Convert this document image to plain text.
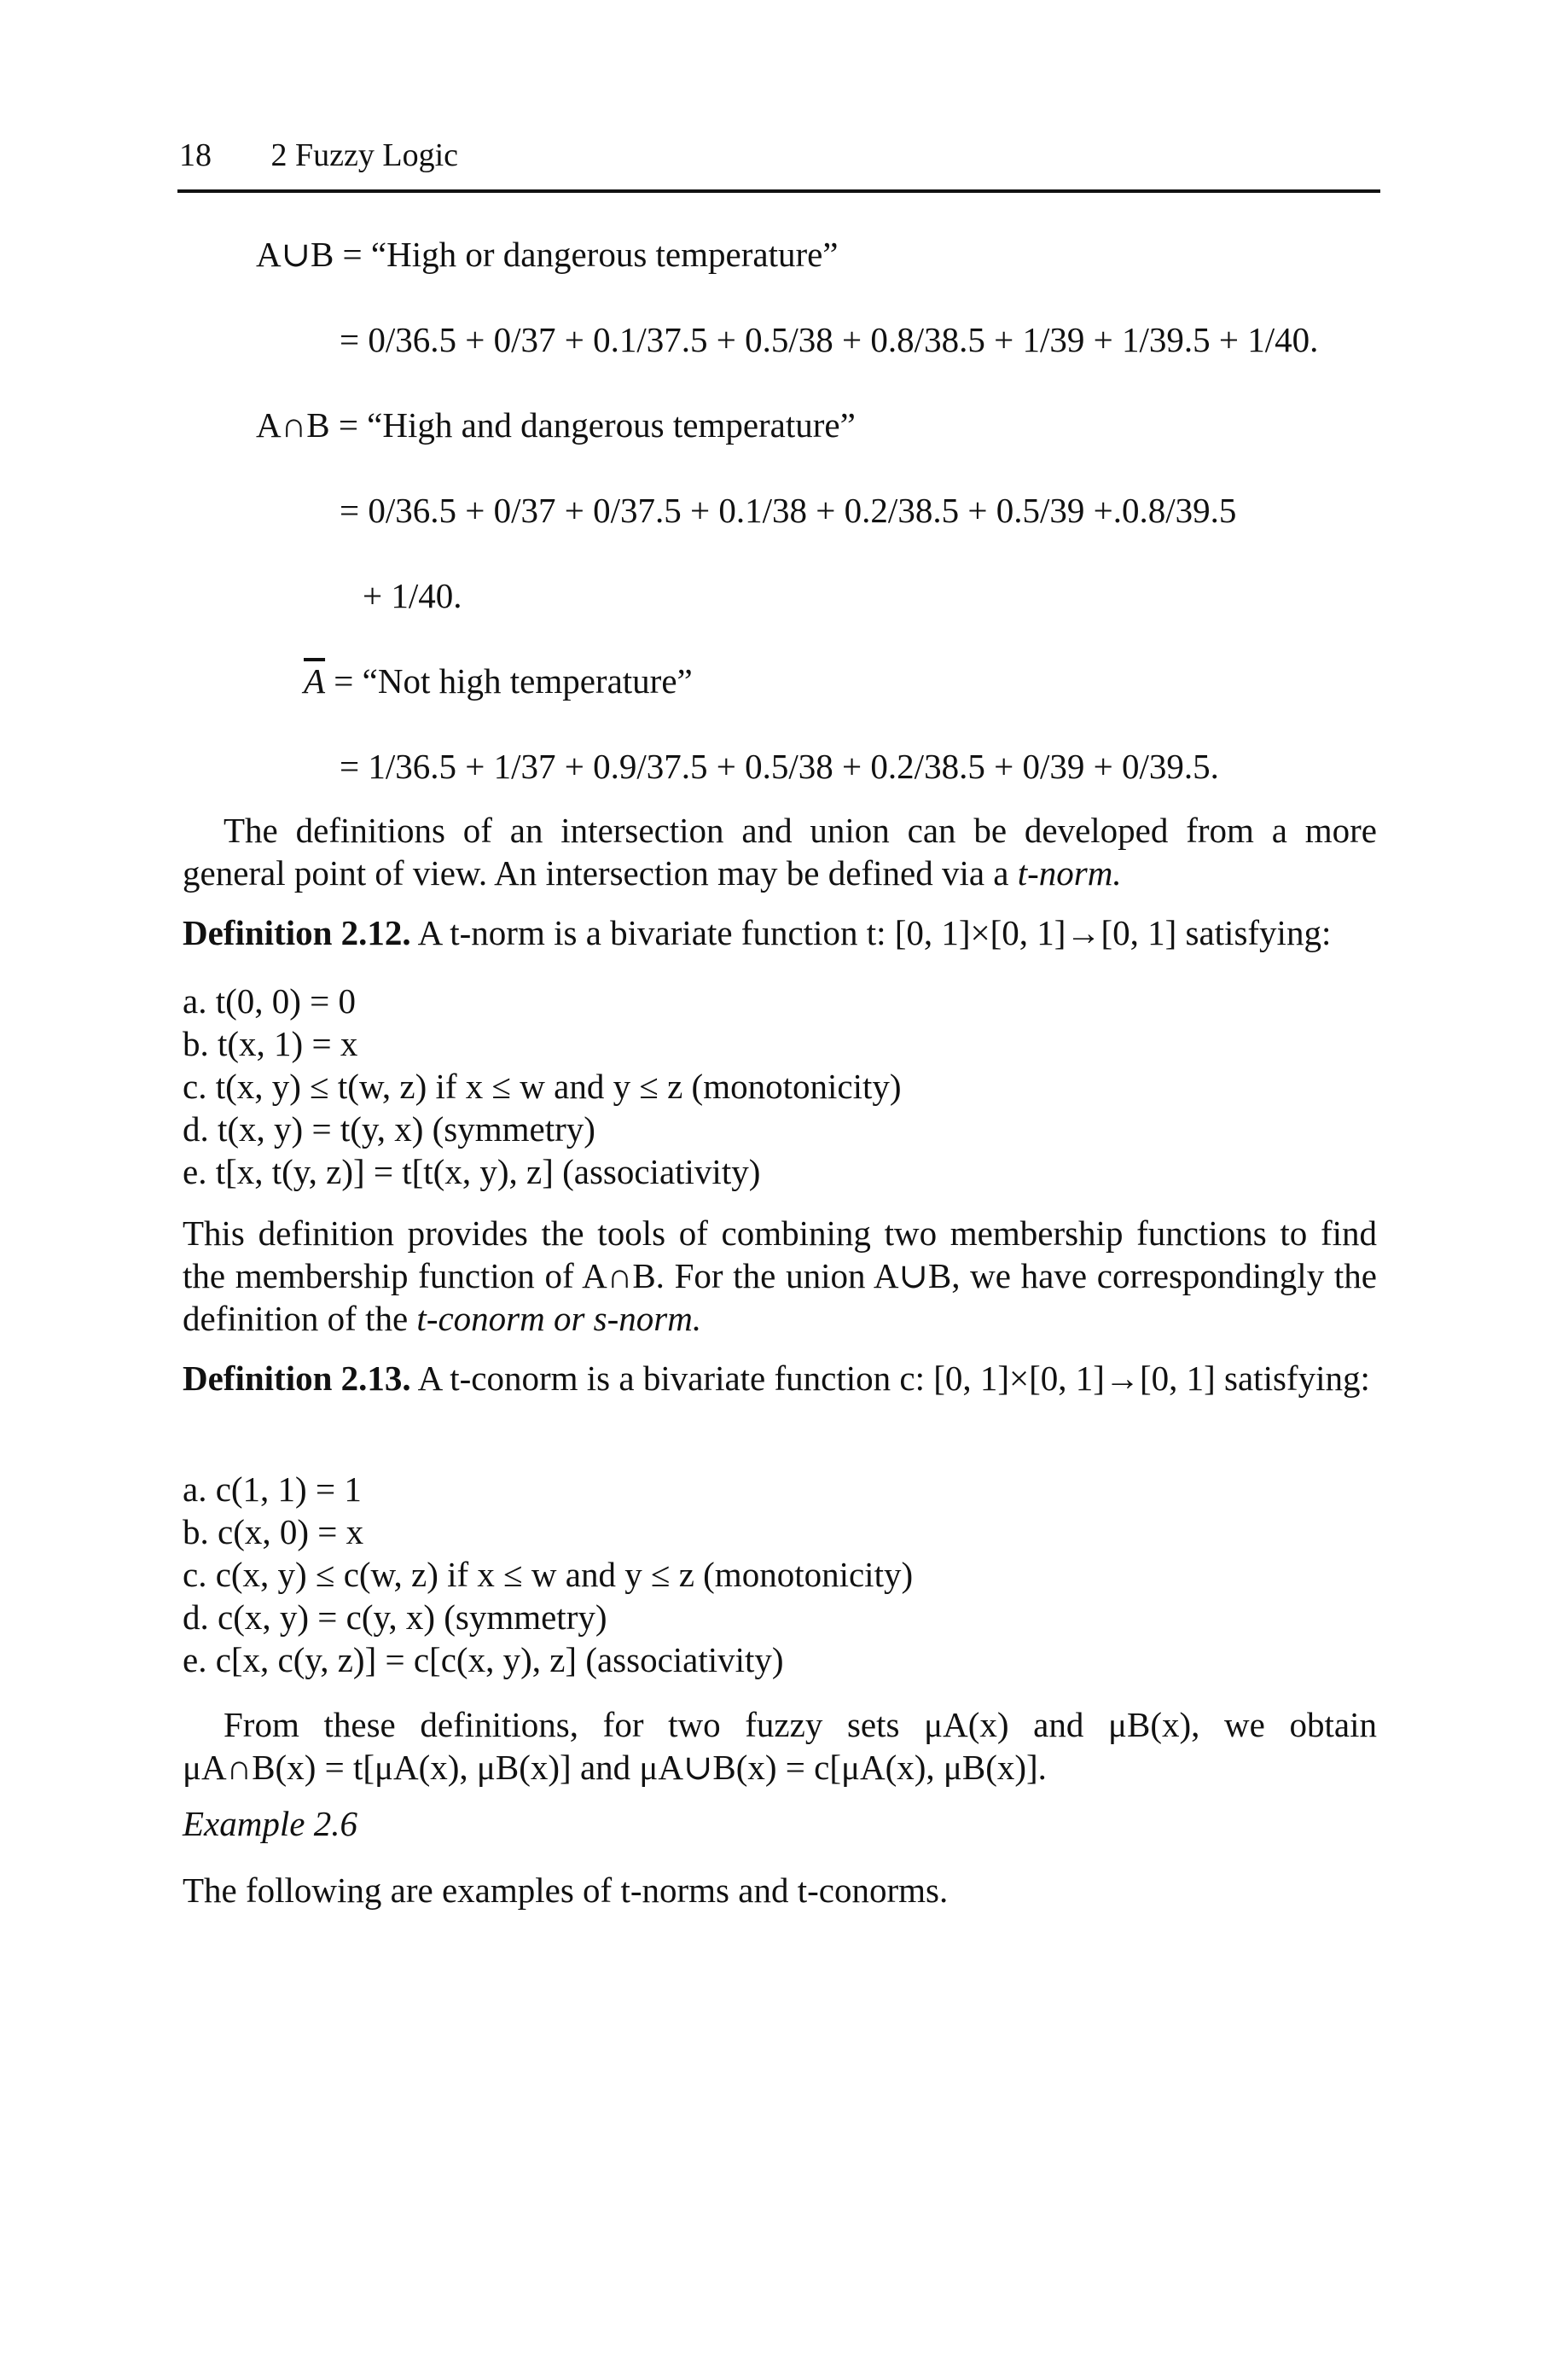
18 2 Fuzzy Logic
A∪B = “High or dangerous temperature”
= 0/36.5 + 0/37 + 0.1/37.5 + 0.5/38 + 0.8/38.5 + 1/39 + 1/39.5 + 1/40.
A∩B = “High and dangerous temperature”
= 0/36.5 + 0/37 + 0/37.5 + 0.1/38 + 0.2/38.5 + 0.5/39 +.0.8/39.5
+ 1/40.
$\overline{A}$ = “Not high temperature”
= 1/36.5 + 1/37 + 0.9/37.5 + 0.5/38 + 0.2/38.5 + 0/39 + 0/39.5.
The definitions of an intersection and union can be developed from a more general point of view. An intersection may be defined via a t-norm.
Definition 2.12. A t-norm is a bivariate function t: [0, 1]×[0, 1]→[0, 1] satisfying:
a. t(0, 0) = 0
b. t(x, 1) = x
c. t(x, y) ≤ t(w, z) if x ≤ w and y ≤ z (monotonicity)
d. t(x, y) = t(y, x) (symmetry)
e. t[x, t(y, z)] = t[t(x, y), z] (associativity)
This definition provides the tools of combining two membership functions to find the membership function of A∩B. For the union A∪B, we have correspondingly the definition of the t-conorm or s-norm.
Definition 2.13. A t-conorm is a bivariate function c: [0, 1]×[0, 1]→[0, 1] satisfying:
a. c(1, 1) = 1
b. c(x, 0) = x
c. c(x, y) ≤ c(w, z) if x ≤ w and y ≤ z (monotonicity)
d. c(x, y) = c(y, x) (symmetry)
e. c[x, c(y, z)] = c[c(x, y), z] (associativity)
From these definitions, for two fuzzy sets μA(x) and μB(x), we obtain
μA∩B(x) = t[μA(x), μB(x)] and μA∪B(x) = c[μA(x), μB(x)].
Example 2.6
The following are examples of t-norms and t-conorms.
